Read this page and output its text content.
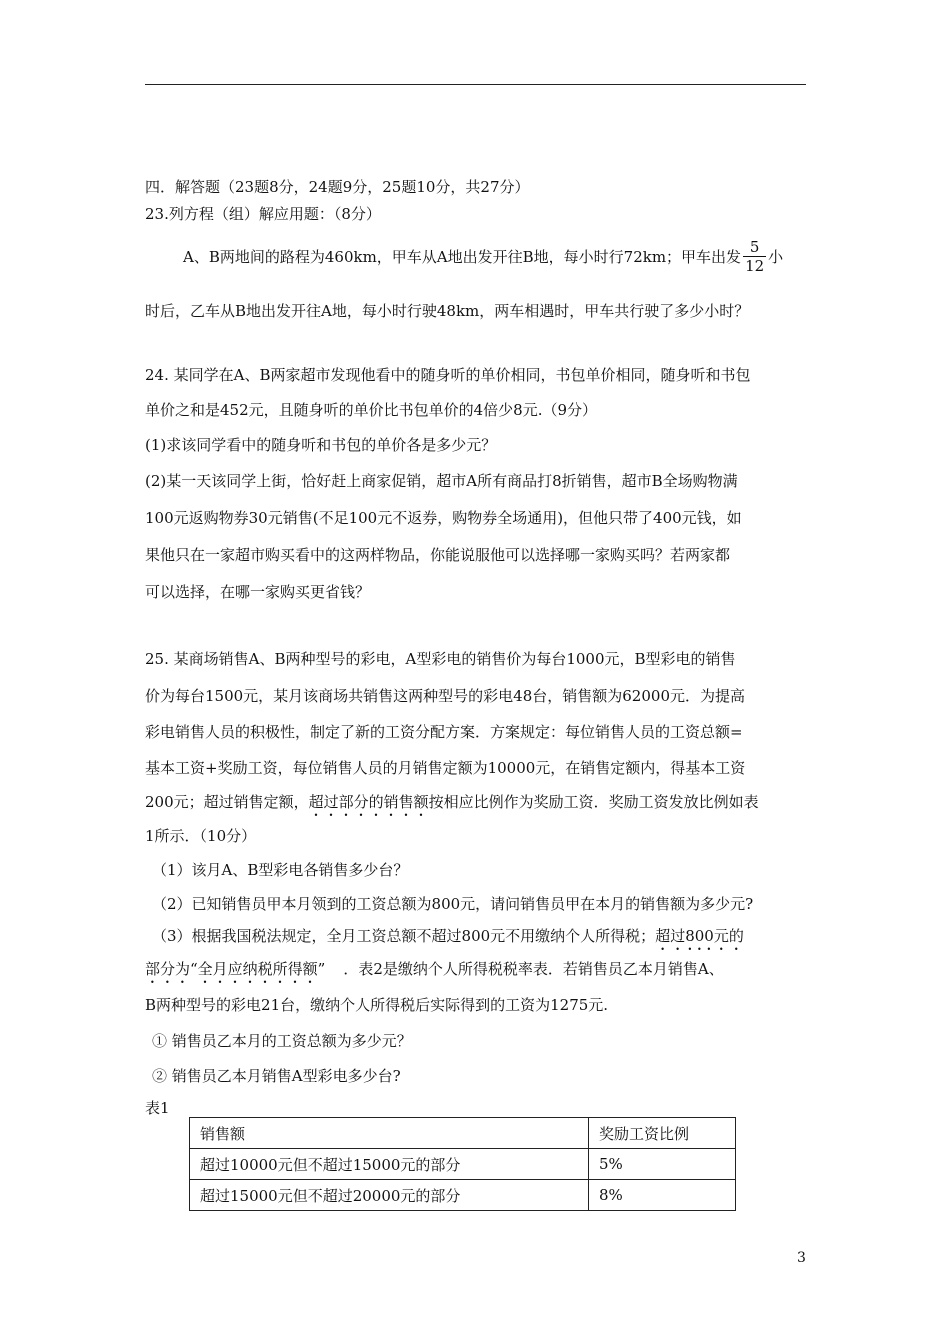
四．解答题（23题8分，24题9分，25题10分，共27分）
23.列方程（组）解应用题：（8分）
A、B两地间的路程为460km，甲车从A地出发开往B地，每小时行72km；甲车出发 $\frac{5}{12}$ 小
时后，乙车从B地出发开往A地，每小时行驶48km，两车相遇时，甲车共行驶了多少小时？
24. 某同学在A、B两家超市发现他看中的随身听的单价相同，书包单价相同，随身听和书包
单价之和是452元，且随身听的单价比书包单价的4倍少8元.（9分）
(1)求该同学看中的随身听和书包的单价各是多少元？
(2)某一天该同学上街，恰好赶上商家促销，超市A所有商品打8折销售，超市B全场购物满
100元返购物券30元销售(不足100元不返券，购物券全场通用)，但他只带了400元钱，如
果他只在一家超市购买看中的这两样物品，你能说服他可以选择哪一家购买吗？若两家都
可以选择，在哪一家购买更省钱？
25. 某商场销售A、B两种型号的彩电，A型彩电的销售价为每台1000元，B型彩电的销售
价为每台1500元，某月该商场共销售这两种型号的彩电48台，销售额为62000元．为提高
彩电销售人员的积极性，制定了新的工资分配方案．方案规定：每位销售人员的工资总额=
基本工资+奖励工资，每位销售人员的月销售定额为10000元，在销售定额内，得基本工资
200元；超过销售定额，超过部分的销售额按相应比例作为奖励工资．奖励工资发放比例如表
1所示．（10分）
（1）该月A、B型彩电各销售多少台？
（2）已知销售员甲本月领到的工资总额为800元，请问销售员甲在本月的销售额为多少元?
（3）根据我国税法规定，全月工资总额不超过800元不用缴纳个人所得税；超过800元的
部分为“全月应纳税所得额” ．表2是缴纳个人所得税税率表．若销售员乙本月销售A、
B两种型号的彩电21台，缴纳个人所得税后实际得到的工资为1275元.
① 销售员乙本月的工资总额为多少元？
② 销售员乙本月销售A型彩电多少台?
表1
销售额	奖励工资比例
超过10000元但不超过15000元的部分	5%
超过15000元但不超过20000元的部分	8%
3
